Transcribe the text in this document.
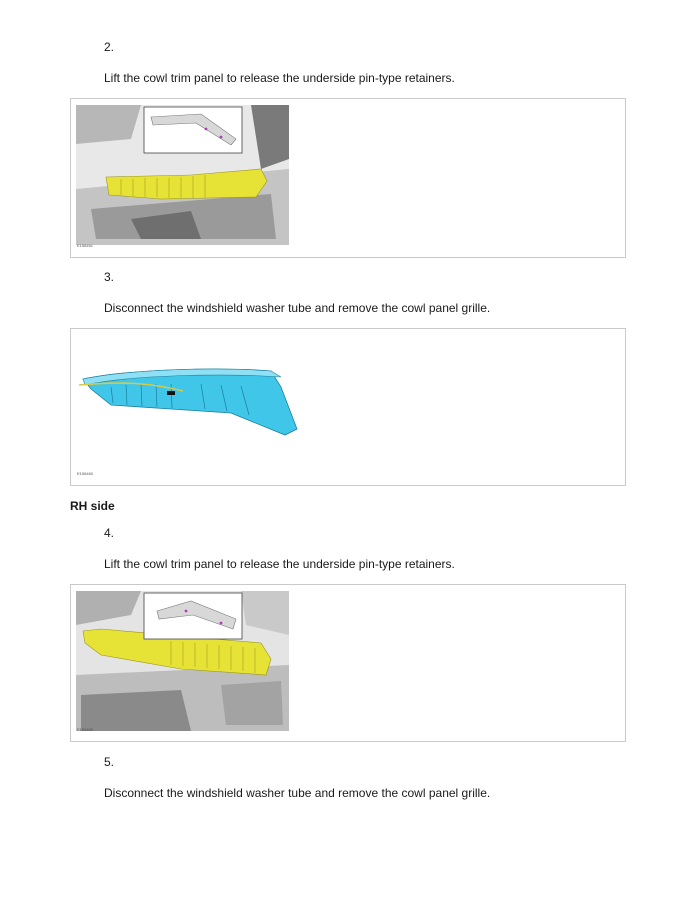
2.
Lift the cowl trim panel to release the underside pin-type retainers.
E158461
3.
Disconnect the windshield washer tube and remove the cowl panel grille.
E158460
RH side
4.
Lift the cowl trim panel to release the underside pin-type retainers.
E158465
5.
Disconnect the windshield washer tube and remove the cowl panel grille.
